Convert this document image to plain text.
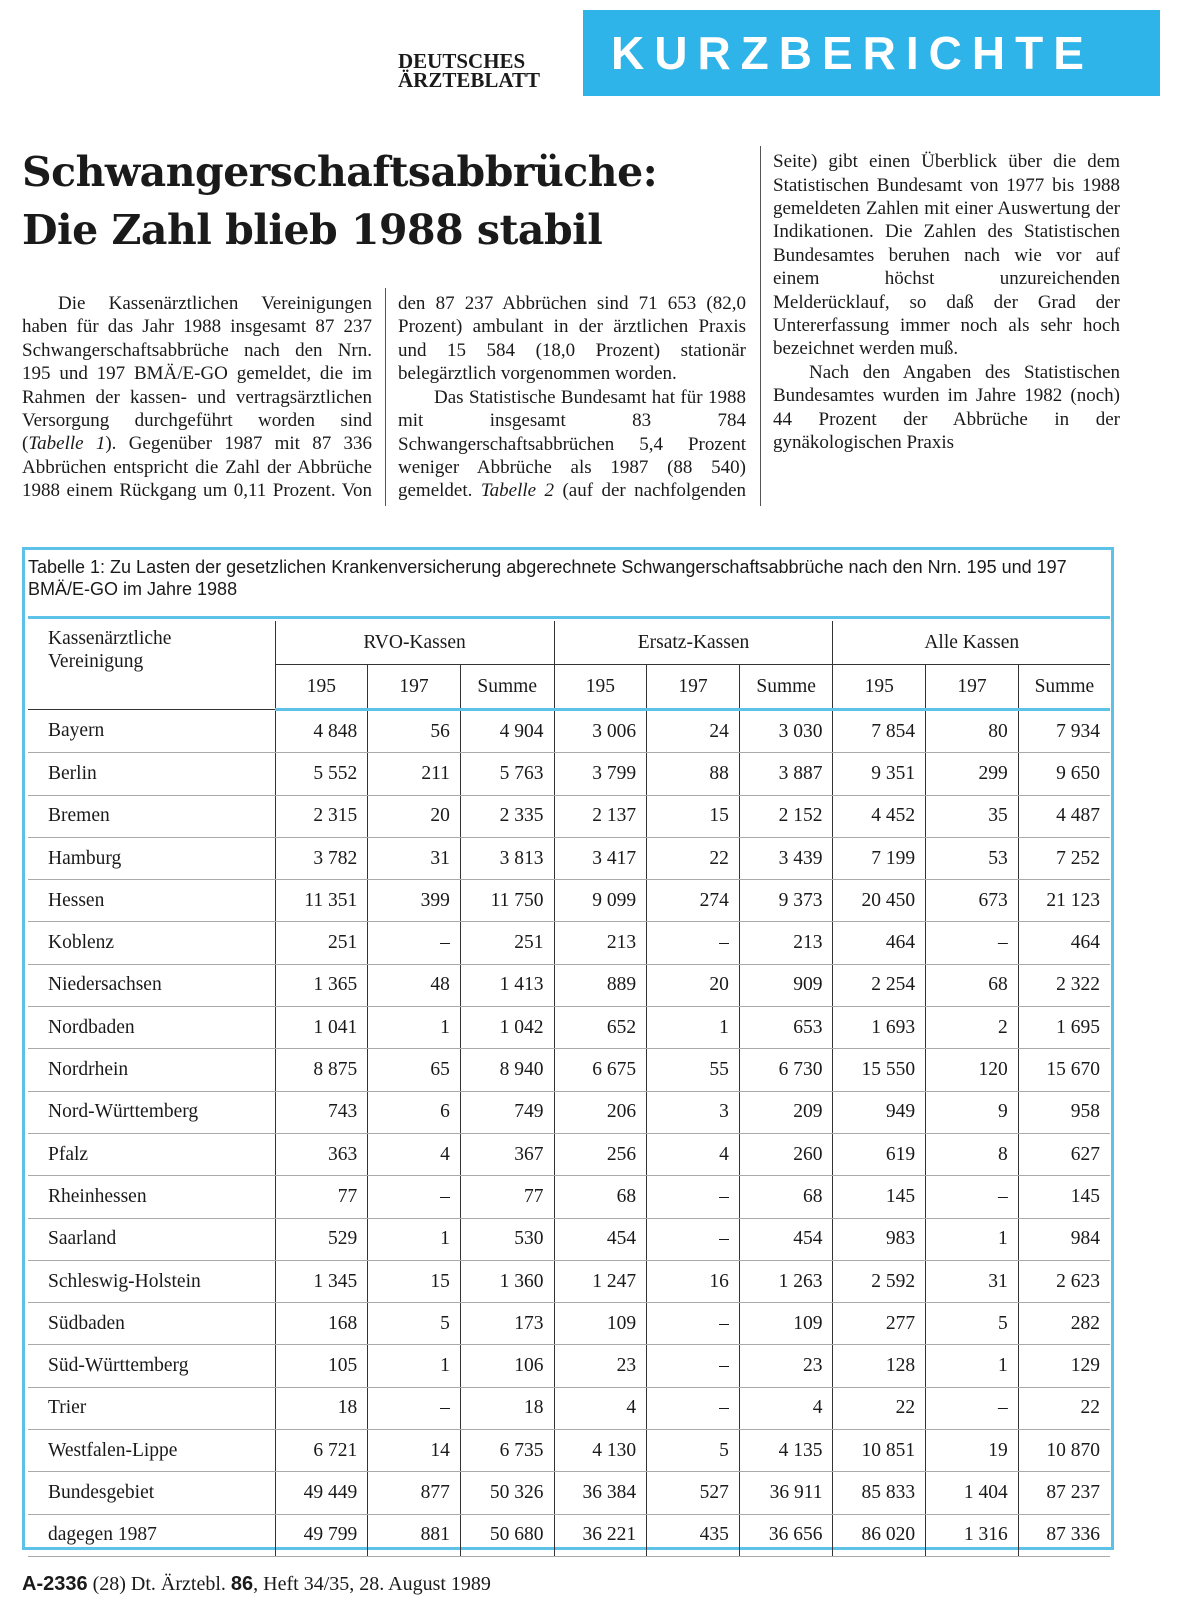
DEUTSCHES
ÄRZTEBLATT
KURZBERICHTE
Schwangerschaftsabbrüche:
Die Zahl blieb 1988 stabil

Die Kassenärztlichen Vereinigungen haben für das Jahr 1988 insgesamt 87 237 Schwangerschaftsabbrüche nach den Nrn. 195 und 197 BMÄ/E-GO gemeldet, die im Rahmen der kassen- und vertragsärztlichen Versorgung durchgeführt worden sind (Tabelle 1). Gegenüber 1987 mit 87 336 Abbrüchen entspricht die Zahl der Abbrüche 1988 einem Rückgang um 0,11 Prozent. Von

den 87 237 Abbrüchen sind 71 653 (82,0 Prozent) ambulant in der ärztlichen Praxis und 15 584 (18,0 Prozent) stationär belegärztlich vorgenommen worden.

Das Statistische Bundesamt hat für 1988 mit insgesamt 83 784 Schwangerschaftsabbrüchen 5,4 Prozent weniger Abbrüche als 1987 (88 540) gemeldet. Tabelle 2 (auf der nachfolgenden

Seite) gibt einen Überblick über die dem Statistischen Bundesamt von 1977 bis 1988 gemeldeten Zahlen mit einer Auswertung der Indikationen. Die Zahlen des Statistischen Bundesamtes beruhen nach wie vor auf einem höchst unzureichenden Melderücklauf, so daß der Grad der Untererfassung immer noch als sehr hoch bezeichnet werden muß.

Nach den Angaben des Statistischen Bundesamtes wurden im Jahre 1982 (noch) 44 Prozent der Abbrüche in der gynäkologischen Praxis

Tabelle 1: Zu Lasten der gesetzlichen Krankenversicherung abgerechnete Schwangerschaftsabbrüche nach den Nrn. 195 und 197 BMÄ/E-GO im Jahre 1988
Kassenärztliche Vereinigung	RVO-Kassen			Ersatz-Kassen			Alle Kassen		
	195	197	Summe	195	197	Summe	195	197	Summe
Bayern	4 848	56	4 904	3 006	24	3 030	7 854	80	7 934
Berlin	5 552	211	5 763	3 799	88	3 887	9 351	299	9 650
Bremen	2 315	20	2 335	2 137	15	2 152	4 452	35	4 487
Hamburg	3 782	31	3 813	3 417	22	3 439	7 199	53	7 252
Hessen	11 351	399	11 750	9 099	274	9 373	20 450	673	21 123
Koblenz	251	–	251	213	–	213	464	–	464
Niedersachsen	1 365	48	1 413	889	20	909	2 254	68	2 322
Nordbaden	1 041	1	1 042	652	1	653	1 693	2	1 695
Nordrhein	8 875	65	8 940	6 675	55	6 730	15 550	120	15 670
Nord-Württemberg	743	6	749	206	3	209	949	9	958
Pfalz	363	4	367	256	4	260	619	8	627
Rheinhessen	77	–	77	68	–	68	145	–	145
Saarland	529	1	530	454	–	454	983	1	984
Schleswig-Holstein	1 345	15	1 360	1 247	16	1 263	2 592	31	2 623
Südbaden	168	5	173	109	–	109	277	5	282
Süd-Württemberg	105	1	106	23	–	23	128	1	129
Trier	18	–	18	4	–	4	22	–	22
Westfalen-Lippe	6 721	14	6 735	4 130	5	4 135	10 851	19	10 870
Bundesgebiet	49 449	877	50 326	36 384	527	36 911	85 833	1 404	87 237
dagegen 1987	49 799	881	50 680	36 221	435	36 656	86 020	1 316	87 336
A-2336 (28) Dt. Ärztebl. 86, Heft 34/35, 28. August 1989
